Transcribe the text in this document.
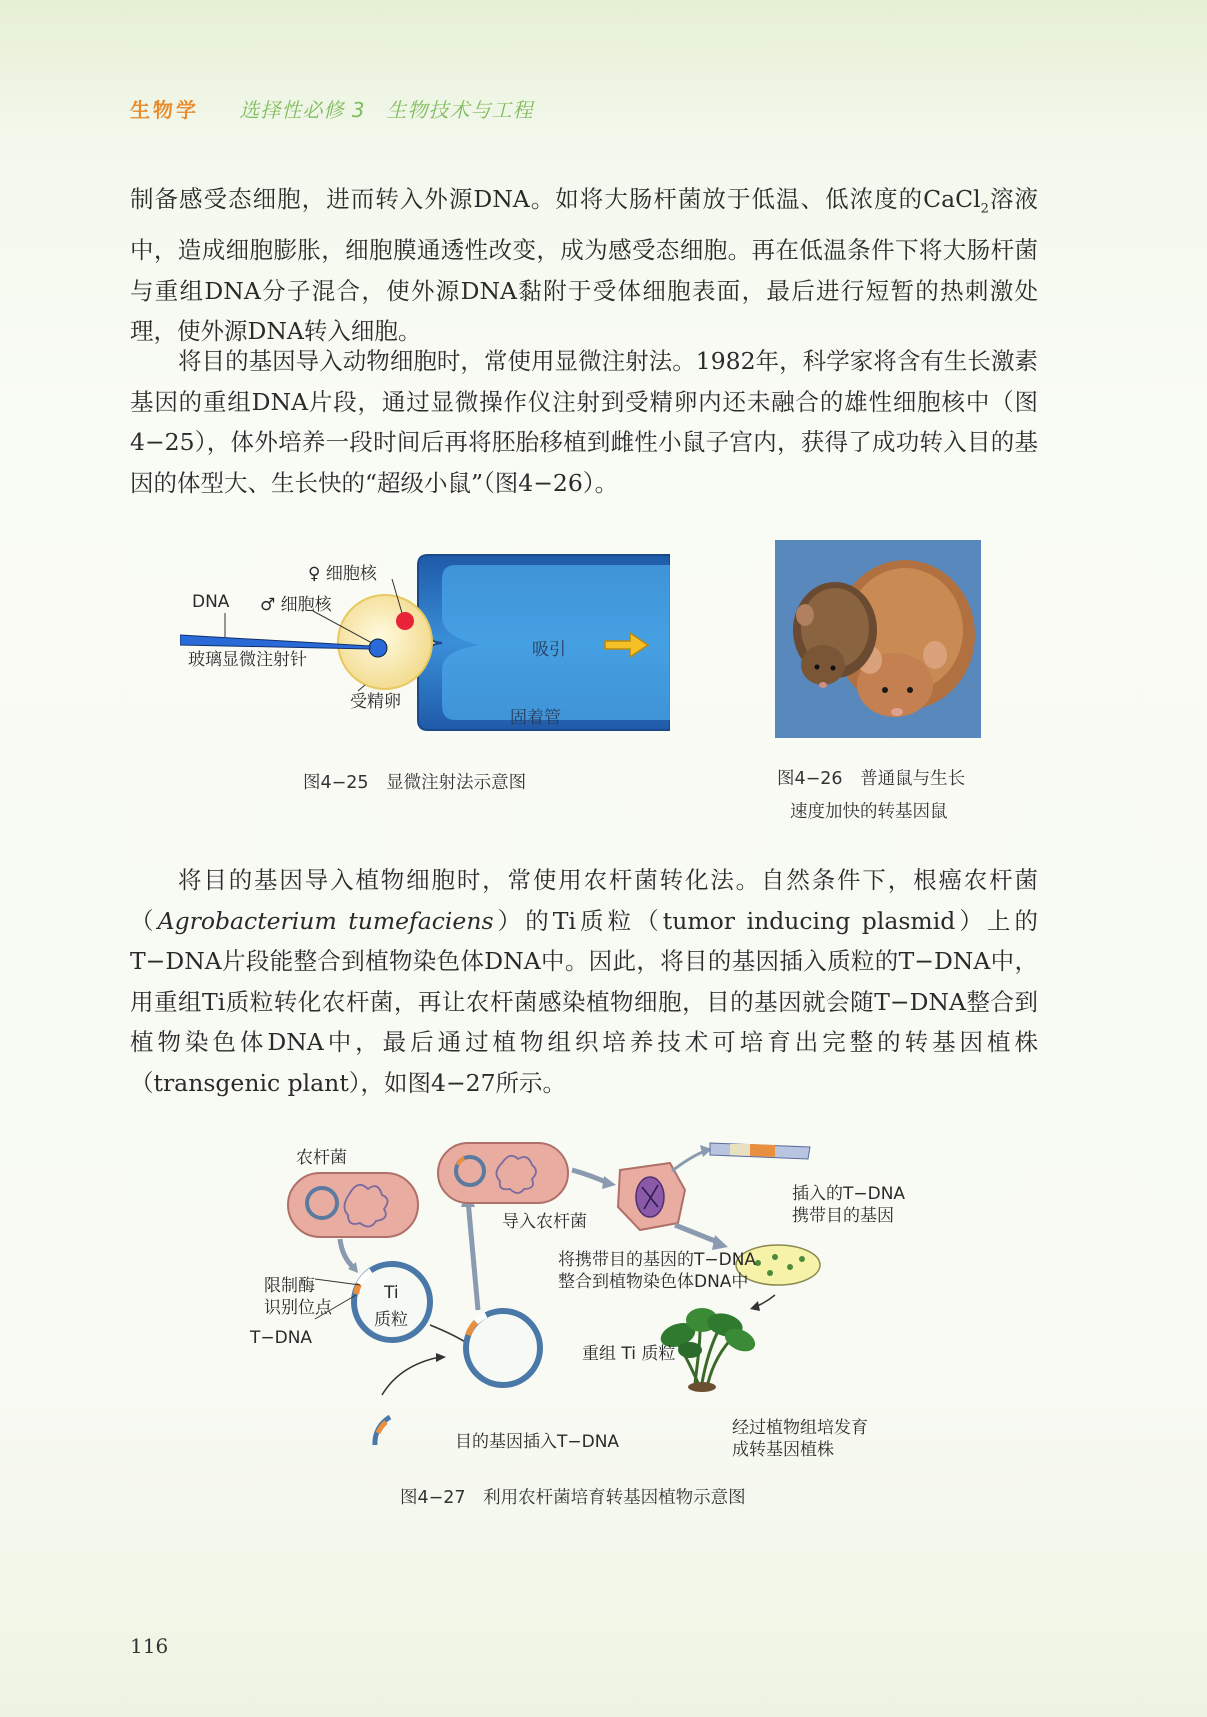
生物学 选择性必修 3　生物技术与工程

制备感受态细胞，进而转入外源DNA。如将大肠杆菌放于低温、低浓度的CaCl$_2$溶液中，造成细胞膨胀，细胞膜通透性改变，成为感受态细胞。再在低温条件下将大肠杆菌与重组DNA分子混合，使外源DNA黏附于受体细胞表面，最后进行短暂的热刺激处理，使外源DNA转入细胞。

将目的基因导入动物细胞时，常使用显微注射法。1982年，科学家将含有生长激素基因的重组DNA片段，通过显微操作仪注射到受精卵内还未融合的雄性细胞核中（图4−25），体外培养一段时间后再将胚胎移植到雌性小鼠子宫内，获得了成功转入目的基因的体型大、生长快的“超级小鼠”（图4−26）。

♀ 细胞核
DNA ♂ 细胞核
玻璃显微注射针
受精卵
吸引
固着管
图4−25　显微注射法示意图	图4−26　普通鼠与生长
速度加快的转基因鼠

将目的基因导入植物细胞时，常使用农杆菌转化法。自然条件下，根癌农杆菌（Agrobacterium tumefaciens）的Ti质粒（tumor inducing plasmid）上的T−DNA片段能整合到植物染色体DNA中。因此，将目的基因插入质粒的T−DNA中，用重组Ti质粒转化农杆菌，再让农杆菌感染植物细胞，目的基因就会随T−DNA整合到植物染色体DNA中，最后通过植物组织培养技术可培育出完整的转基因植株（transgenic plant），如图4−27所示。

农杆菌
限制酶
识别位点
T−DNA
Ti
质粒
重组 Ti 质粒
目的基因插入T−DNA
导入农杆菌
将携带目的基因的T−DNA
整合到植物染色体DNA中
插入的T−DNA
携带目的基因
经过植物组培发育
成转基因植株
图4−27　利用农杆菌培育转基因植物示意图
116
